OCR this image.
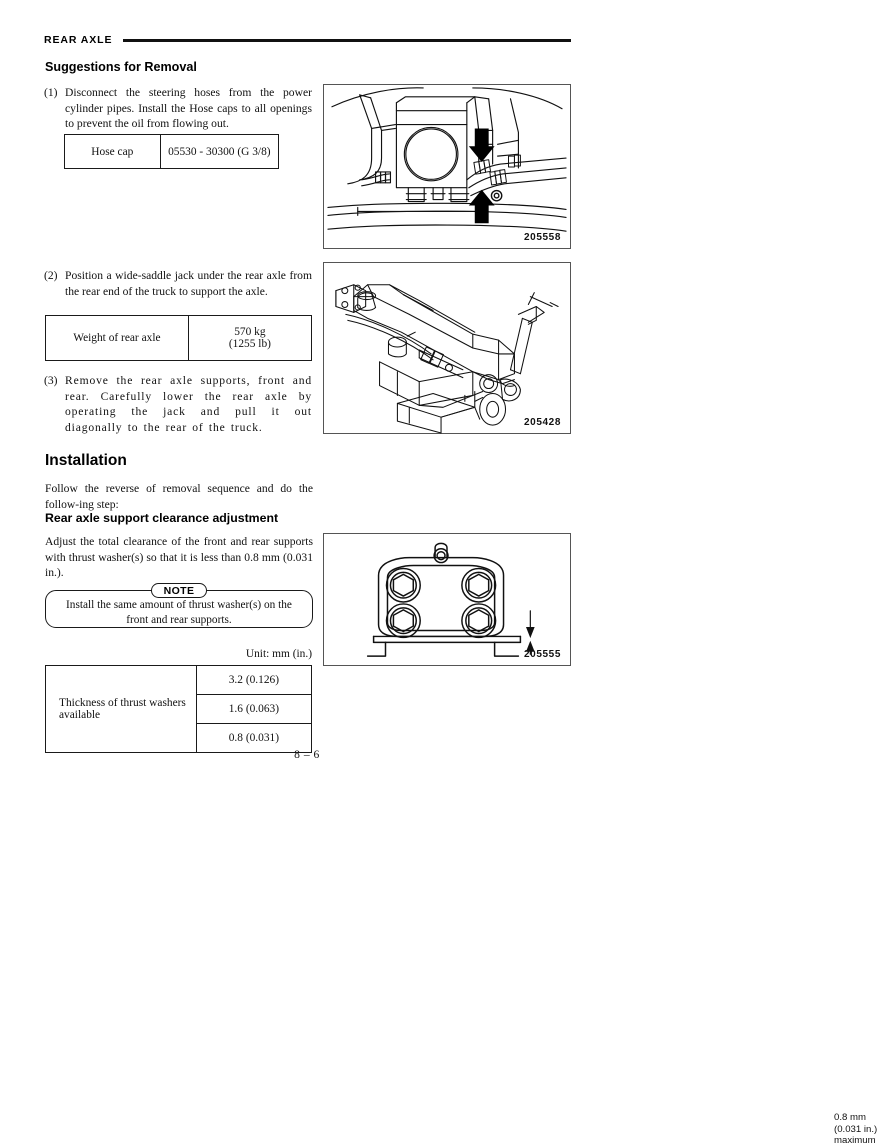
REAR AXLE
Suggestions for Removal
(1) Disconnect the steering hoses from the power cylinder pipes. Install the Hose caps to all openings to prevent the oil from flowing out.
Hose cap	05530 - 30300 (G 3/8)
(2) Position a wide-saddle jack under the rear axle from the rear end of the truck to support the axle.
Weight of rear axle	570 kg
(1255 lb)
(3) Remove the rear axle supports, front and rear. Carefully lower the rear axle by operating the jack and pull it out diagonally to the rear of the truck.
Installation
Follow the reverse of removal sequence and do the follow-ing step:
Rear axle support clearance adjustment
Adjust the total clearance of the front and rear supports with thrust washer(s) so that it is less than 0.8 mm (0.031 in.).
NOTE
Install the same amount of thrust washer(s) on the front and rear supports.
Unit: mm (in.)
Thickness of thrust washers available	3.2 (0.126)
1.6 (0.063)
0.8 (0.031)
205558
205428
0.8 mm
(0.031 in.)
maximum
205555
8 – 6
